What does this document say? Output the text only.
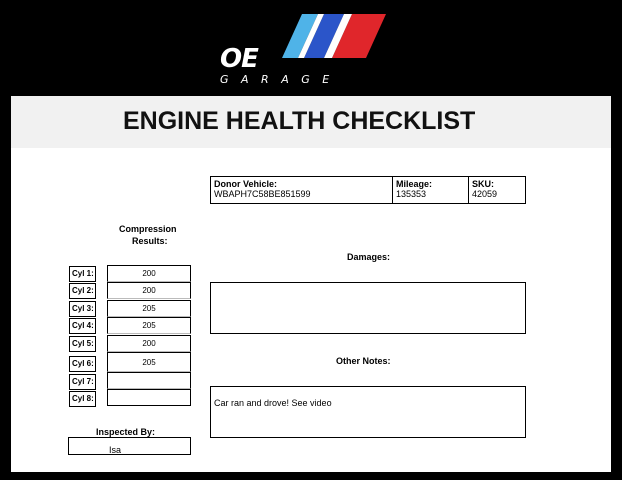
OE
GARAGE
ENGINE HEALTH CHECKLIST
Donor Vehicle:
WBAPH7C58BE851599
Mileage:
135353
SKU:
42059
Compression
Results:
Cyl 1:	200
Cyl 2:	200
Cyl 3:	205
Cyl 4:	205
Cyl 5:	200
Cyl 6:	205
Cyl 7:
Cyl 8:
Damages:
Other Notes:
Car ran and drove! See video
Inspected By:
Isa
